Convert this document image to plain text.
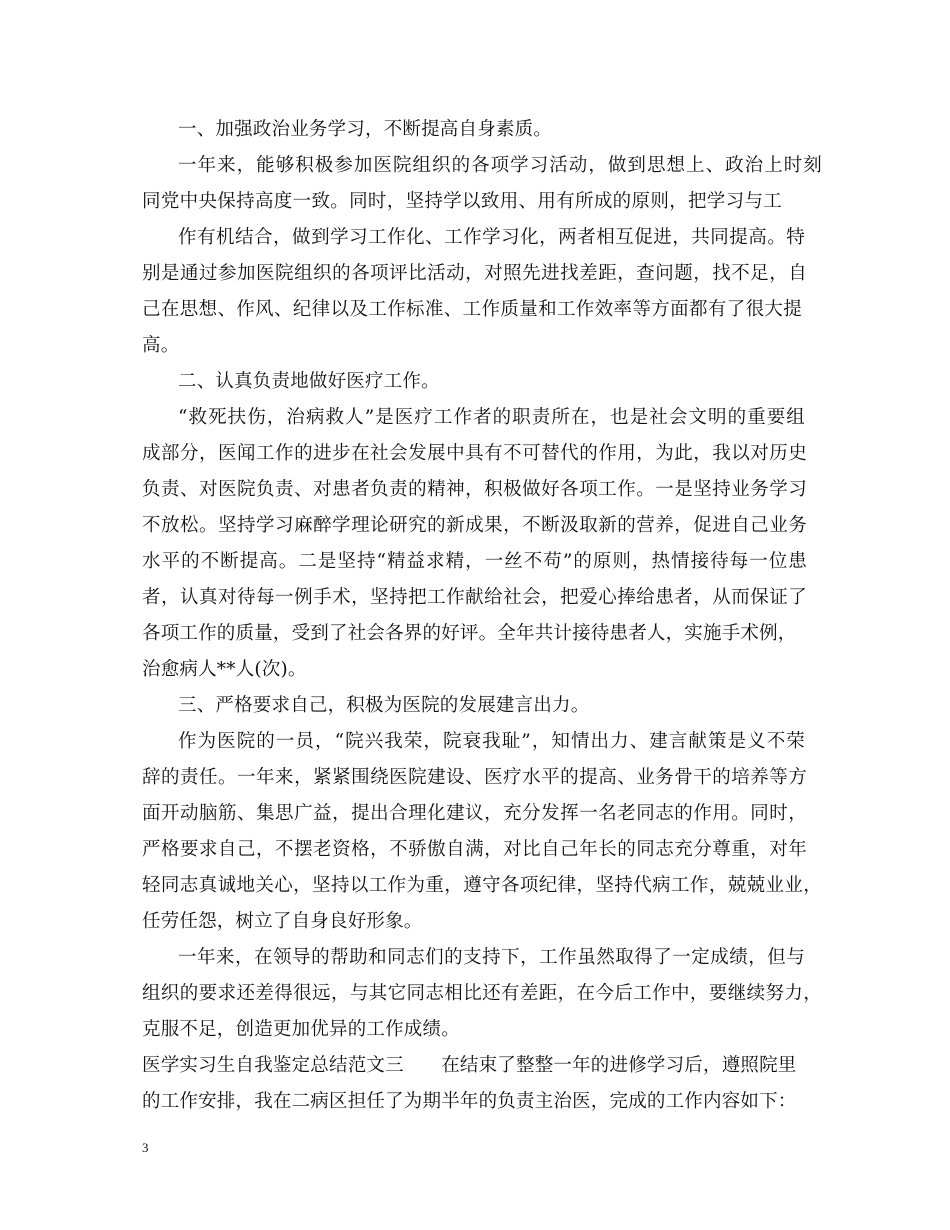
一、加强政治业务学习，不断提高自身素质。
一年来，能够积极参加医院组织的各项学习活动，做到思想上、政治上时刻
同党中央保持高度一致。同时，坚持学以致用、用有所成的原则，把学习与工
作有机结合，做到学习工作化、工作学习化，两者相互促进，共同提高。特
别是通过参加医院组织的各项评比活动，对照先进找差距，查问题，找不足，自
己在思想、作风、纪律以及工作标准、工作质量和工作效率等方面都有了很大提
高。
二、认真负责地做好医疗工作。
“救死扶伤，治病救人”是医疗工作者的职责所在，也是社会文明的重要组
成部分，医闻工作的进步在社会发展中具有不可替代的作用，为此，我以对历史
负责、对医院负责、对患者负责的精神，积极做好各项工作。一是坚持业务学习
不放松。坚持学习麻醉学理论研究的新成果，不断汲取新的营养，促进自己业务
水平的不断提高。二是坚持“精益求精，一丝不苟”的原则，热情接待每一位患
者，认真对待每一例手术，坚持把工作献给社会，把爱心捧给患者，从而保证了
各项工作的质量，受到了社会各界的好评。全年共计接待患者人，实施手术例，
治愈病人**人(次)。
三、严格要求自己，积极为医院的发展建言出力。
作为医院的一员，“院兴我荣，院衰我耻”，知情出力、建言献策是义不荣
辞的责任。一年来，紧紧围绕医院建设、医疗水平的提高、业务骨干的培养等方
面开动脑筋、集思广益，提出合理化建议，充分发挥一名老同志的作用。同时，
严格要求自己，不摆老资格，不骄傲自满，对比自己年长的同志充分尊重，对年
轻同志真诚地关心，坚持以工作为重，遵守各项纪律，坚持代病工作，兢兢业业，
任劳任怨，树立了自身良好形象。
一年来，在领导的帮助和同志们的支持下，工作虽然取得了一定成绩，但与
组织的要求还差得很远，与其它同志相比还有差距，在今后工作中，要继续努力，
克服不足，创造更加优异的工作成绩。
医学实习生自我鉴定总结范文三　　在结束了整整一年的进修学习后，遵照院里
的工作安排，我在二病区担任了为期半年的负责主治医，完成的工作内容如下：
3
